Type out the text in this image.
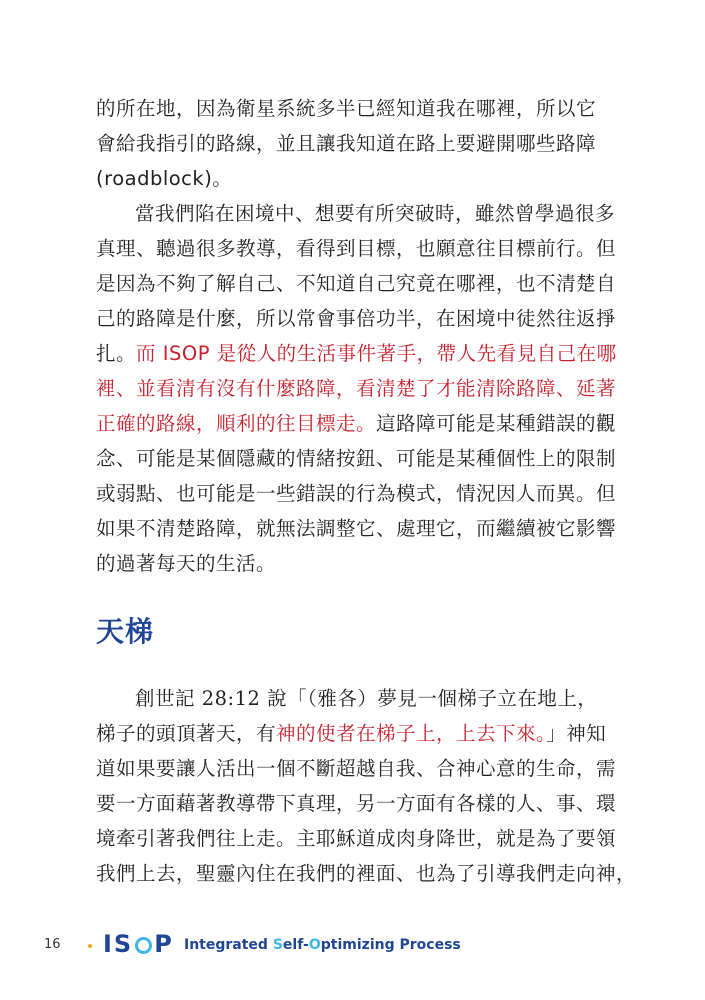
的所在地，因為衛星系統多半已經知道我在哪裡，所以它
會給我指引的路線，並且讓我知道在路上要避開哪些路障
(roadblock)。
當我們陷在困境中、想要有所突破時，雖然曾學過很多
真理、聽過很多教導，看得到目標，也願意往目標前行。但
是因為不夠了解自己、不知道自己究竟在哪裡，也不清楚自
己的路障是什麼，所以常會事倍功半，在困境中徒然往返掙
扎。而 ISOP 是從人的生活事件著手，帶人先看見自己在哪
裡、並看清有沒有什麼路障，看清楚了才能清除路障、延著
正確的路線，順利的往目標走。這路障可能是某種錯誤的觀
念、可能是某個隱藏的情緒按鈕、可能是某種個性上的限制
或弱點、也可能是一些錯誤的行為模式，情況因人而異。但
如果不清楚路障，就無法調整它、處理它，而繼續被它影響
的過著每天的生活。
天梯
創世記 28:12 說「（雅各）夢見一個梯子立在地上，
梯子的頭頂著天，有神的使者在梯子上，上去下來。」神知
道如果要讓人活出一個不斷超越自我、合神心意的生命，需
要一方面藉著教導帶下真理，另一方面有各樣的人、事、環
境牽引著我們往上走。主耶穌道成肉身降世，就是為了要領
我們上去，聖靈內住在我們的裡面、也為了引導我們走向神，
16 IS P Integrated Self-Optimizing Process
